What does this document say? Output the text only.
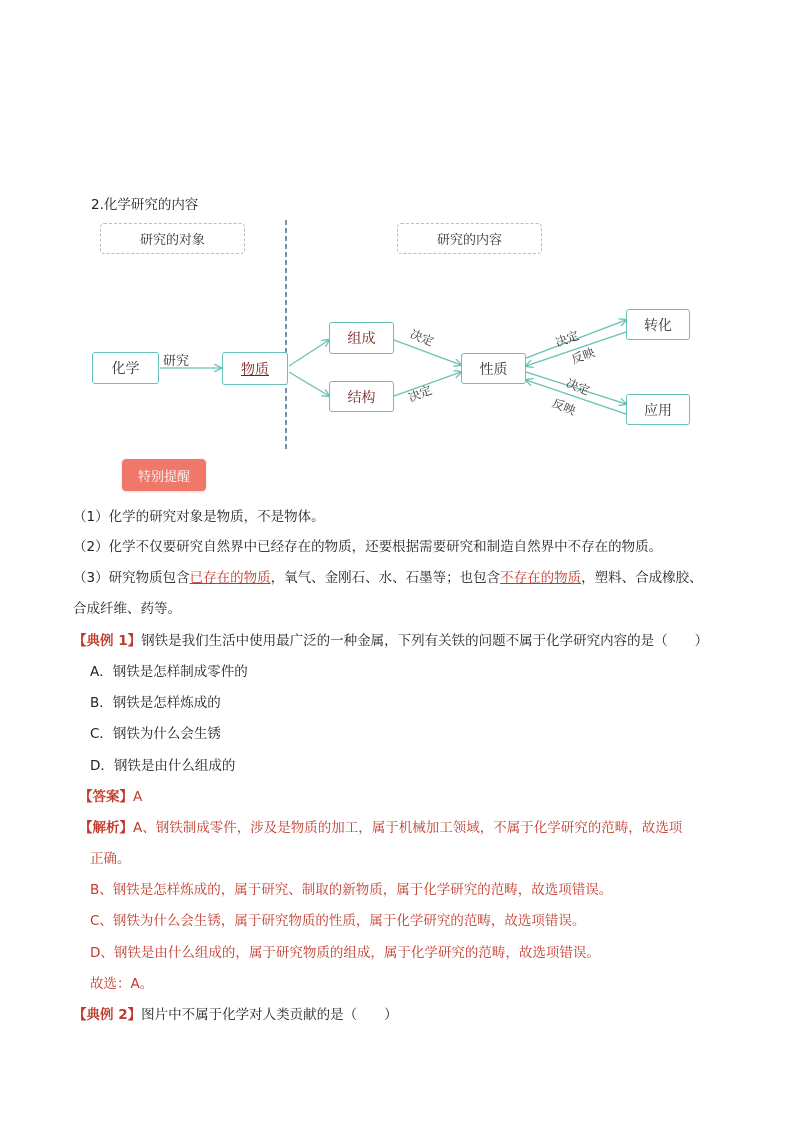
2.化学研究的内容
研究的对象	研究的内容
化学	研究	物质
组成
结构
决定
决定
性质
决定
反映
决定
反映
转化
应用
特别提醒
（1）化学的研究对象是物质，不是物体。
（2）化学不仅要研究自然界中已经存在的物质，还要根据需要研究和制造自然界中不存在的物质。
（3）研究物质包含已存在的物质，氧气、金刚石、水、石墨等；也包含不存在的物质，塑料、合成橡胶、
合成纤维、药等。
【典例 1】钢铁是我们生活中使用最广泛的一种金属，下列有关铁的问题不属于化学研究内容的是（　　）
A．钢铁是怎样制成零件的
B．钢铁是怎样炼成的
C．钢铁为什么会生锈
D．钢铁是由什么组成的
【答案】A
【解析】A、钢铁制成零件，涉及是物质的加工，属于机械加工领域，不属于化学研究的范畴，故选项
正确。
B、钢铁是怎样炼成的，属于研究、制取的新物质，属于化学研究的范畴，故选项错误。
C、钢铁为什么会生锈，属于研究物质的性质，属于化学研究的范畴，故选项错误。
D、钢铁是由什么组成的，属于研究物质的组成，属于化学研究的范畴，故选项错误。
故选：A。
【典例 2】图片中不属于化学对人类贡献的是（　　）
